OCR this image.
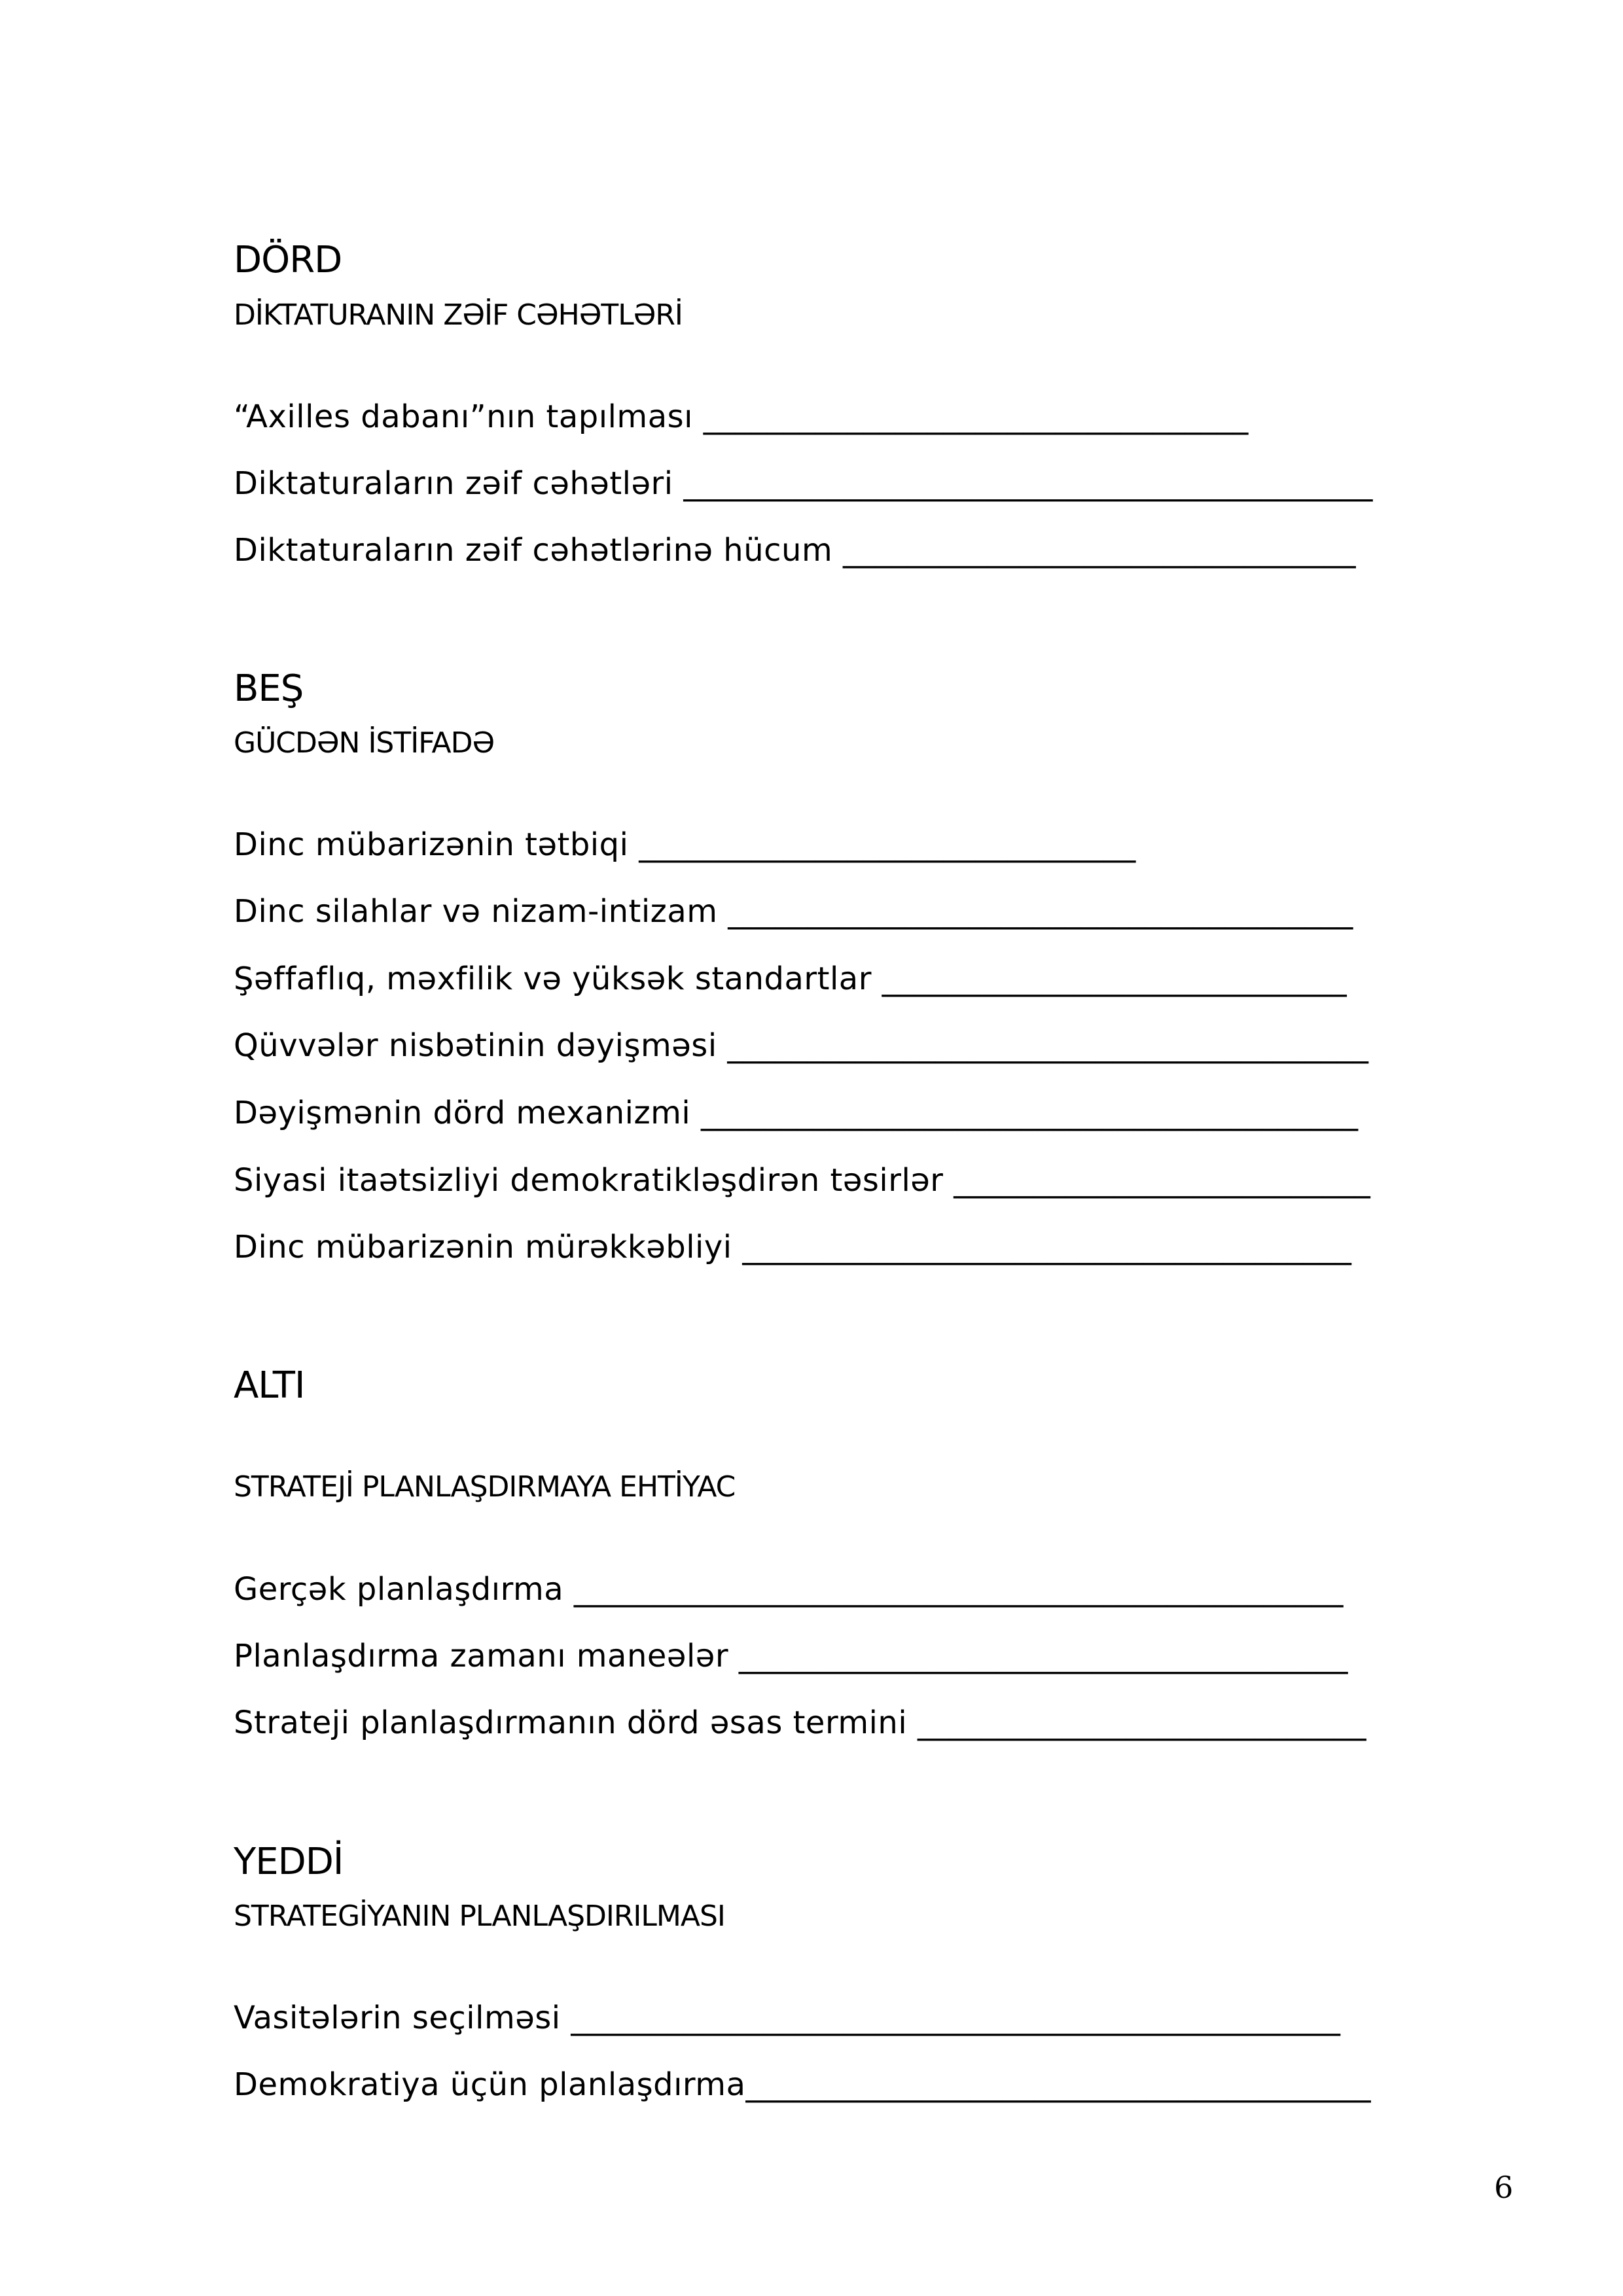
DÖRD
DİKTATURANIN ZƏİF CƏHƏTLƏRİ
“Axilles dabanı”nın tapılması __________________________________
Diktaturaların zəif cəhətləri ___________________________________________
Diktaturaların zəif cəhətlərinə hücum ________________________________
BEŞ
GÜCDƏN İSTİFADƏ
Dinc mübarizənin tətbiqi _______________________________
Dinc silahlar və nizam-intizam _______________________________________
Şəffaflıq, məxfilik və yüksək standartlar _____________________________
Qüvvələr nisbətinin dəyişməsi ________________________________________
Dəyişmənin dörd mexanizmi _________________________________________
Siyasi itaətsizliyi demokratikləşdirən təsirlər __________________________
Dinc mübarizənin mürəkkəbliyi ______________________________________
ALTI
STRATEJİ PLANLAŞDIRMAYA EHTİYAC
Gerçək planlaşdırma ________________________________________________
Planlaşdırma zamanı maneələr ______________________________________
Strateji planlaşdırmanın dörd əsas termini ____________________________
YEDDİ
STRATEGİYANIN PLANLAŞDIRILMASI
Vasitələrin seçilməsi ________________________________________________
Demokratiya üçün planlaşdırma_______________________________________
6
